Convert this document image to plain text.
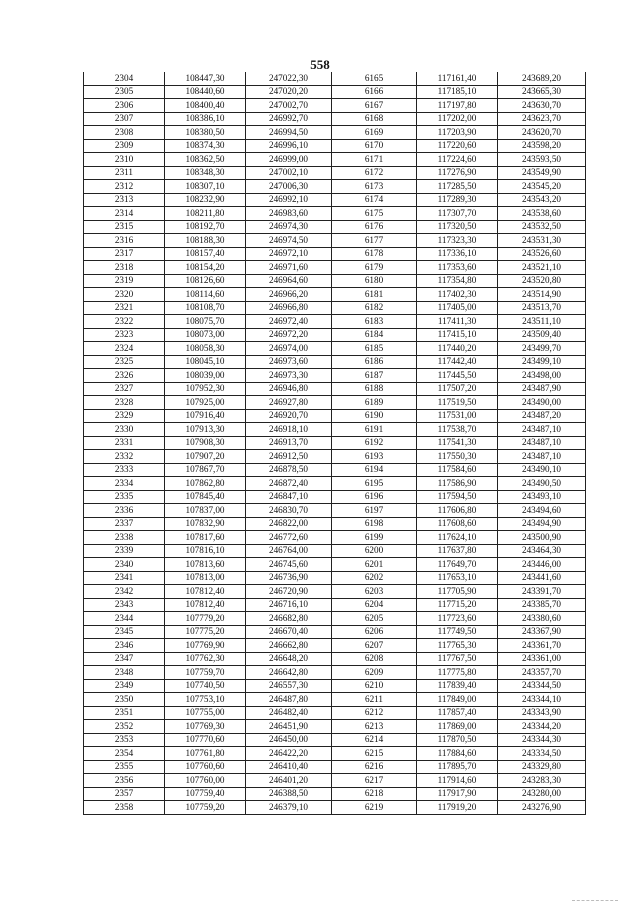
558
2304	108447,30	247022,30	6165	117161,40	243689,20
2305	108440,60	247020,20	6166	117185,10	243665,30
2306	108400,40	247002,70	6167	117197,80	243630,70
2307	108386,10	246992,70	6168	117202,00	243623,70
2308	108380,50	246994,50	6169	117203,90	243620,70
2309	108374,30	246996,10	6170	117220,60	243598,20
2310	108362,50	246999,00	6171	117224,60	243593,50
2311	108348,30	247002,10	6172	117276,90	243549,90
2312	108307,10	247006,30	6173	117285,50	243545,20
2313	108232,90	246992,10	6174	117289,30	243543,20
2314	108211,80	246983,60	6175	117307,70	243538,60
2315	108192,70	246974,30	6176	117320,50	243532,50
2316	108188,30	246974,50	6177	117323,30	243531,30
2317	108157,40	246972,10	6178	117336,10	243526,60
2318	108154,20	246971,60	6179	117353,60	243521,10
2319	108126,60	246964,60	6180	117354,80	243520,80
2320	108114,60	246966,20	6181	117402,30	243514,90
2321	108108,70	246966,80	6182	117405,00	243513,70
2322	108075,70	246972,40	6183	117411,30	243511,10
2323	108073,00	246972,20	6184	117415,10	243509,40
2324	108058,30	246974,00	6185	117440,20	243499,70
2325	108045,10	246973,60	6186	117442,40	243499,10
2326	108039,00	246973,30	6187	117445,50	243498,00
2327	107952,30	246946,80	6188	117507,20	243487,90
2328	107925,00	246927,80	6189	117519,50	243490,00
2329	107916,40	246920,70	6190	117531,00	243487,20
2330	107913,30	246918,10	6191	117538,70	243487,10
2331	107908,30	246913,70	6192	117541,30	243487,10
2332	107907,20	246912,50	6193	117550,30	243487,10
2333	107867,70	246878,50	6194	117584,60	243490,10
2334	107862,80	246872,40	6195	117586,90	243490,50
2335	107845,40	246847,10	6196	117594,50	243493,10
2336	107837,00	246830,70	6197	117606,80	243494,60
2337	107832,90	246822,00	6198	117608,60	243494,90
2338	107817,60	246772,60	6199	117624,10	243500,90
2339	107816,10	246764,00	6200	117637,80	243464,30
2340	107813,60	246745,60	6201	117649,70	243446,00
2341	107813,00	246736,90	6202	117653,10	243441,60
2342	107812,40	246720,90	6203	117705,90	243391,70
2343	107812,40	246716,10	6204	117715,20	243385,70
2344	107779,20	246682,80	6205	117723,60	243380,60
2345	107775,20	246670,40	6206	117749,50	243367,90
2346	107769,90	246662,80	6207	117765,30	243361,70
2347	107762,30	246648,20	6208	117767,50	243361,00
2348	107759,70	246642,80	6209	117775,80	243357,70
2349	107740,50	246557,30	6210	117839,40	243344,50
2350	107753,10	246487,80	6211	117849,00	243344,10
2351	107755,00	246482,40	6212	117857,40	243343,90
2352	107769,30	246451,90	6213	117869,00	243344,20
2353	107770,60	246450,00	6214	117870,50	243344,30
2354	107761,80	246422,20	6215	117884,60	243334,50
2355	107760,60	246410,40	6216	117895,70	243329,80
2356	107760,00	246401,20	6217	117914,60	243283,30
2357	107759,40	246388,50	6218	117917,90	243280,00
2358	107759,20	246379,10	6219	117919,20	243276,90
